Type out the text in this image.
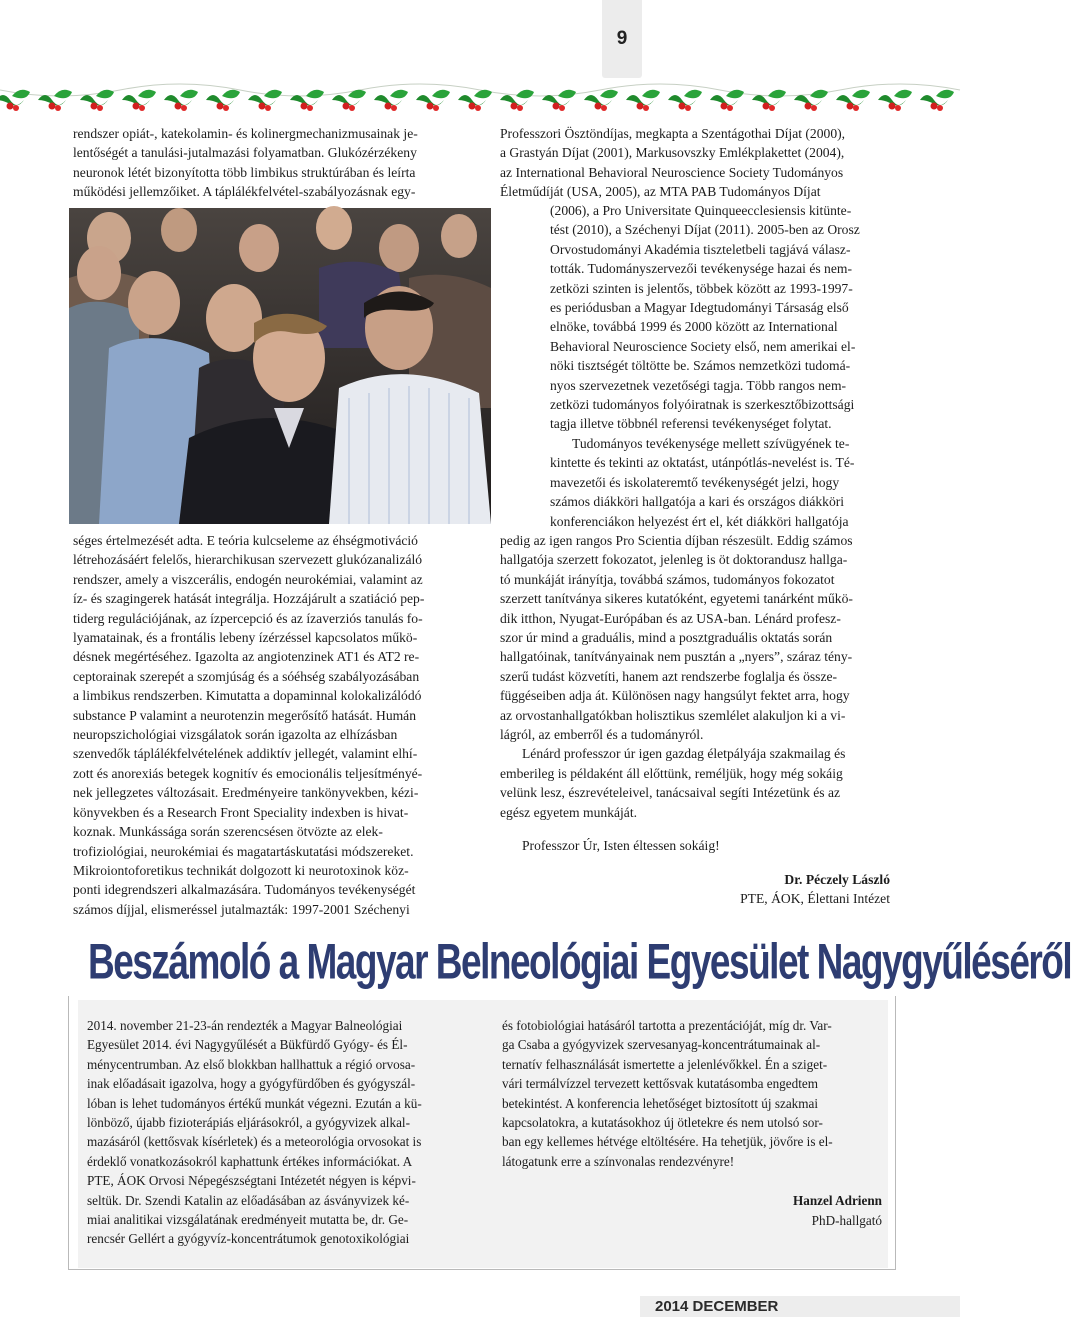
9

rendszer opiát-, katekolamin- és kolinergmechanizmusainak je-

lentőségét a tanulási-jutalmazási folyamatban. Glukózérzékeny

neuronok létét bizonyította több limbikus struktúrában és leírta

működési jellemzőiket. A táplálékfelvétel-szabályozásnak egy-

séges értelmezését adta. E teória kulcseleme az éhségmotiváció

létrehozásáért felelős, hierarchikusan szervezett glukózanalizáló

rendszer, amely a viszcerális, endogén neurokémiai, valamint az

íz- és szagingerek hatását integrálja. Hozzájárult a szatiáció pep-

tiderg regulációjának, az ízpercepció és az ízaverziós tanulás fo-

lyamatainak, és a frontális lebeny ízérzéssel kapcsolatos műkö-

désnek megértéséhez. Igazolta az angiotenzinek AT1 és AT2 re-

ceptorainak szerepét a szomjúság és a sóéhség szabályozásában

a limbikus rendszerben. Kimutatta a dopaminnal kolokalizálódó

substance P valamint a neurotenzin megerősítő hatását. Humán

neuropszichológiai vizsgálatok során igazolta az elhízásban

szenvedők táplálékfelvételének addiktív jellegét, valamint elhí-

zott és anorexiás betegek kognitív és emocionális teljesítményé-

nek jellegzetes változásait. Eredményeire tankönyvekben, kézi-

könyvekben és a Research Front Speciality indexben is hivat-

koznak. Munkássága során szerencsésen ötvözte az elek-

trofiziológiai, neurokémiai és magatartáskutatási módszereket.

Mikroiontoforetikus technikát dolgozott ki neurotoxinok köz-

ponti idegrendszeri alkalmazására. Tudományos tevékenységét

számos díjjal, elismeréssel jutalmazták: 1997-2001 Széchenyi

Professzori Ösztöndíjas, megkapta a Szentágothai Díjat (2000),

a Grastyán Díjat (2001), Markusovszky Emlékplakettet (2004),

az International Behavioral Neuroscience Society Tudományos

Életműdíját (USA, 2005), az MTA PAB Tudományos Díjat

(2006), a Pro Universitate Quinqueecclesiensis kitünte-

tést (2010), a Széchenyi Díjat (2011). 2005-ben az Orosz

Orvostudományi Akadémia tiszteletbeli tagjává válasz-

tották. Tudományszervezői tevékenysége hazai és nem-

zetközi szinten is jelentős, többek között az 1993-1997-

es periódusban a Magyar Idegtudományi Társaság első

elnöke, továbbá 1999 és 2000 között az International

Behavioral Neuroscience Society első, nem amerikai el-

nöki tisztségét töltötte be. Számos nemzetközi tudomá-

nyos szervezetnek vezetőségi tagja. Több rangos nem-

zetközi tudományos folyóiratnak is szerkesztőbizottsági

tagja illetve többnél referensi tevékenységet folytat.

Tudományos tevékenysége mellett szívügyének te-

kintette és tekinti az oktatást, utánpótlás-nevelést is. Té-

mavezetői és iskolateremtő tevékenységét jelzi, hogy

számos diákköri hallgatója a kari és országos diákköri

konferenciákon helyezést ért el, két diákköri hallgatója

pedig az igen rangos Pro Scientia díjban részesült. Eddig számos

hallgatója szerzett fokozatot, jelenleg is öt doktorandusz hallga-

tó munkáját irányítja, továbbá számos, tudományos fokozatot

szerzett tanítványa sikeres kutatóként, egyetemi tanárként műkö-

dik itthon, Nyugat-Európában és az USA-ban. Lénárd profesz-

szor úr mind a graduális, mind a posztgraduális oktatás során

hallgatóinak, tanítványainak nem pusztán a „nyers”, száraz tény-

szerű tudást közvetíti, hanem azt rendszerbe foglalja és össze-

függéseiben adja át. Különösen nagy hangsúlyt fektet arra, hogy

az orvostanhallgatókban holisztikus szemlélet alakuljon ki a vi-

lágról, az emberről és a tudományról.

Lénárd professzor úr igen gazdag életpályája szakmailag és

emberileg is példaként áll előttünk, reméljük, hogy még sokáig

velünk lesz, észrevételeivel, tanácsaival segíti Intézetünk és az

egész egyetem munkáját.

Professzor Úr, Isten éltessen sokáig!

Dr. Péczely László

PTE, ÁOK, Élettani Intézet

Beszámoló a Magyar Belneológiai Egyesület Nagygyűléséről

2014. november 21-23-án rendezték a Magyar Balneológiai

Egyesület 2014. évi Nagygyűlését a Bükfürdő Gyógy- és Él-

ménycentrumban. Az első blokkban hallhattuk a régió orvosa-

inak előadásait igazolva, hogy a gyógyfürdőben és gyógyszál-

lóban is lehet tudományos értékű munkát végezni. Ezután a kü-

lönböző, újabb fizioterápiás eljárásokról, a gyógyvizek alkal-

mazásáról (kettősvak kísérletek) és a meteorológia orvosokat is

érdeklő vonatkozásokról kaphattunk értékes információkat. A

PTE, ÁOK Orvosi Népegészségtani Intézetét négyen is képvi-

seltük. Dr. Szendi Katalin az előadásában az ásványvizek ké-

miai analitikai vizsgálatának eredményeit mutatta be, dr. Ge-

rencsér Gellért a gyógyvíz-koncentrátumok genotoxikológiai

és fotobiológiai hatásáról tartotta a prezentációját, míg dr. Var-

ga Csaba a gyógyvizek szervesanyag-koncentrátumainak al-

ternatív felhasználását ismertette a jelenlévőkkel. Én a sziget-

vári termálvízzel tervezett kettősvak kutatásomba engedtem

betekintést. A konferencia lehetőséget biztosított új szakmai

kapcsolatokra, a kutatásokhoz új ötletekre és nem utolsó sor-

ban egy kellemes hétvége eltöltésére. Ha tehetjük, jövőre is el-

látogatunk erre a színvonalas rendezvényre!

Hanzel Adrienn

PhD-hallgató

2014 DECEMBER
